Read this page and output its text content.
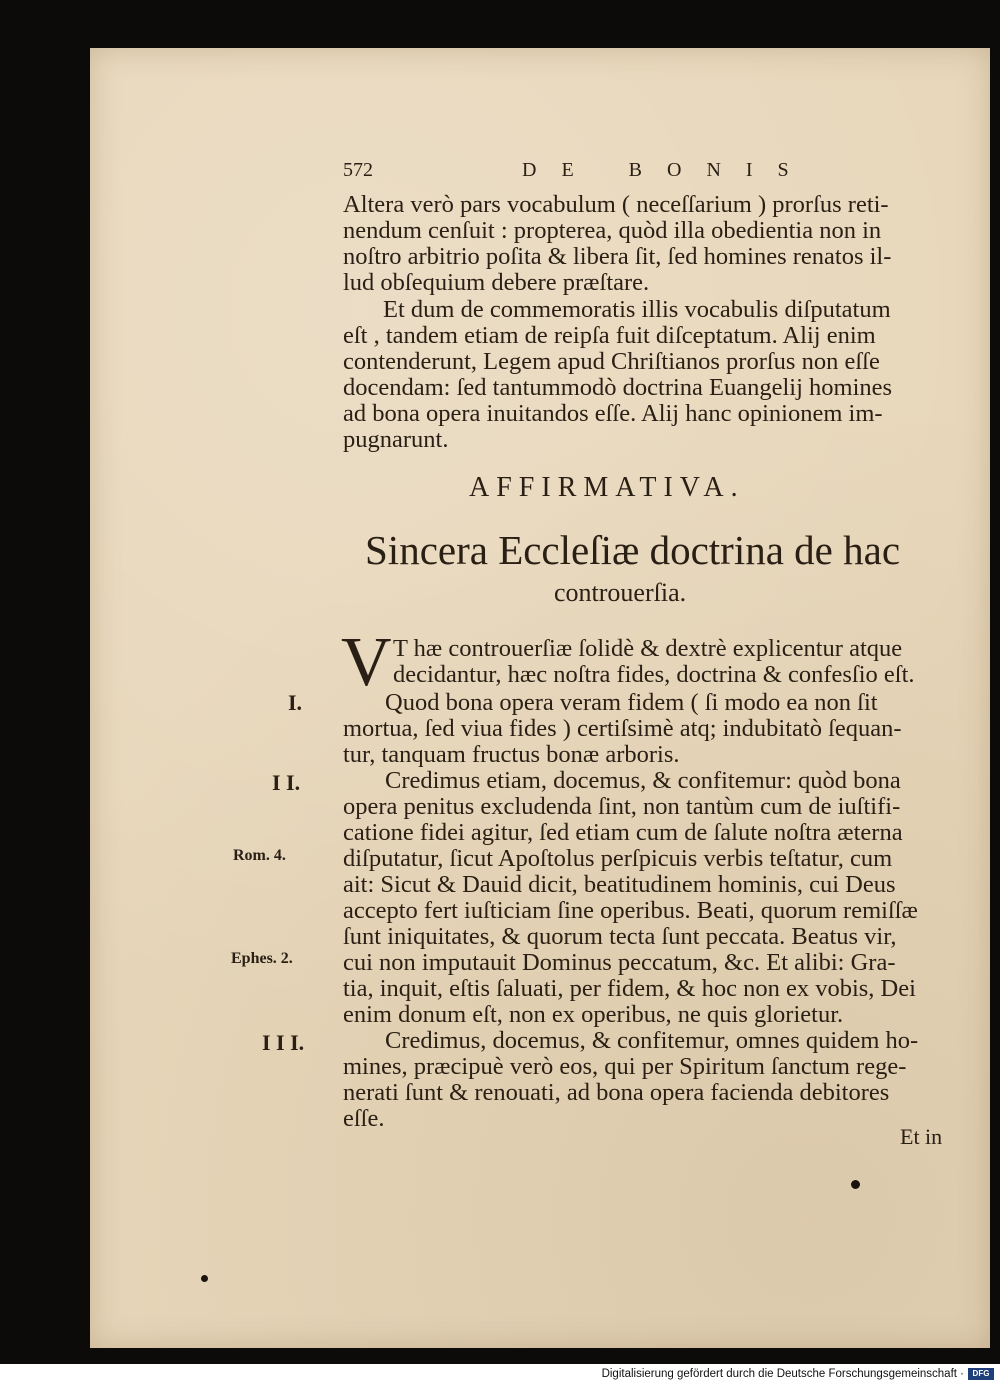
572	DE BONIS
Altera verò pars vocabulum ( neceſſarium ) prorſus reti-
nendum cenſuit : propterea, quòd illa obedientia non in
noſtro arbitrio poſita & libera ſit, ſed homines renatos il-
lud obſequium debere præſtare.
Et dum de commemoratis illis vocabulis diſputatum
eſt , tandem etiam de reipſa fuit diſceptatum. Alij enim
contenderunt, Legem apud Chriſtianos prorſus non eſſe
docendam: ſed tantummodò doctrina Euangelij homines
ad bona opera inuitandos eſſe. Alij hanc opinionem im-
pugnarunt.
AFFIRMATIVA.
Sincera Eccleſiæ doctrina de hac
controuerſia.
V T hæ controuerſiæ ſolidè & dextrè explicentur atque
decidantur, hæc noſtra fides, doctrina & confesſio eſt.
Quod bona opera veram fidem ( ſi modo ea non ſit
mortua, ſed viua fides ) certiſsimè atq; indubitatò ſequan-
tur, tanquam fructus bonæ arboris.
Credimus etiam, docemus, & confitemur: quòd bona
opera penitus excludenda ſint, non tantùm cum de iuſtifi-
catione fidei agitur, ſed etiam cum de ſalute noſtra æterna
diſputatur, ſicut Apoſtolus perſpicuis verbis teſtatur, cum
ait: Sicut & Dauid dicit, beatitudinem hominis, cui Deus
accepto fert iuſticiam ſine operibus. Beati, quorum remiſſæ
ſunt iniquitates, & quorum tecta ſunt peccata. Beatus vir,
cui non imputauit Dominus peccatum, &c. Et alibi: Gra-
tia, inquit, eſtis ſaluati, per fidem, & hoc non ex vobis, Dei
enim donum eſt, non ex operibus, ne quis glorietur.
Credimus, docemus, & confitemur, omnes quidem ho-
mines, præcipuè verò eos, qui per Spiritum ſanctum rege-
nerati ſunt & renouati, ad bona opera facienda debitores
eſſe.
I.
I I.
Rom. 4.
Ephes. 2.
I I I.
Et in
Digitalisierung gefördert durch die Deutsche Forschungsgemeinschaft ·	DFG
